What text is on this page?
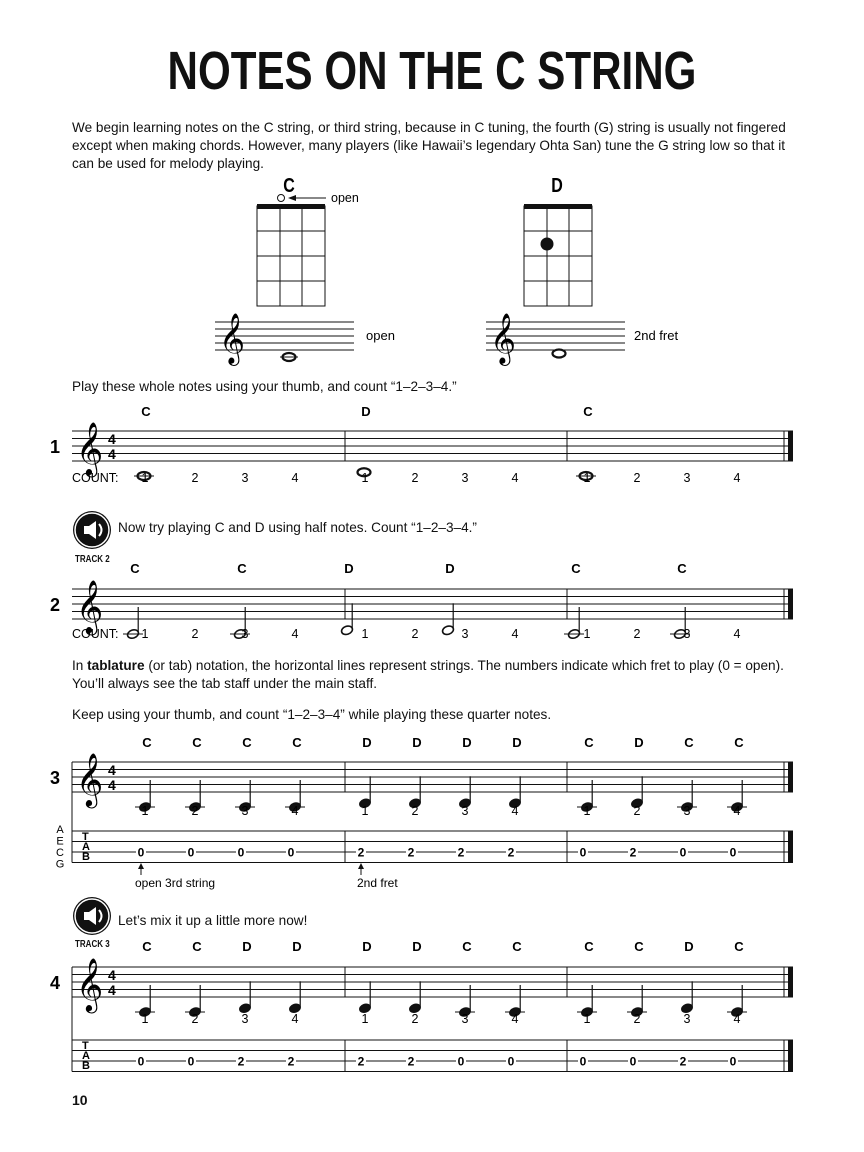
NOTES ON THE C STRING
We begin learning notes on the C string, or third string, because in C tuning, the fourth (G) string is usually not fingered except when making chords. However, many players (like Hawaii’s legendary Ohta San) tune the G string low so that it can be used for melody playing.
C
open
D
𝄞	𝄞
open	2nd fret
Play these whole notes using your thumb, and count “1–2–3–4.”
Now try playing C and D using half notes. Count “1–2–3–4.”
TRACK 2
In tablature (or tab) notation, the horizontal lines represent strings. The numbers indicate which fret to play (0 = open). You’ll always see the tab staff under the main staff.
Keep using your thumb, and count “1–2–3–4” while playing these quarter notes.
Let’s mix it up a little more now!
TRACK 3
10
𝄞
1	4
4
C	D	C
COUNT: 1	2	3	4	1	2	3	4	1	2	3	4
𝄞
2
C	C	D	D	C	C
COUNT: 1	2	3	4	1	2	3	4	1	2	3	4
𝄞
3	4
4
C	C	C	C	D	D	D	D	C	D	C	C
1	2	3	4	1	2	3	4	1	2	3	4
T
A
B	0	0	0	0	2	2	2	2	0	2	0	0
𝄞
4	4
4
C	C	D	D	D	D	C	C	C	C	D	C
1	2	3	4	1	2	3	4	1	2	3	4
T
A
B	0	0	2	2	2	2	0	0	0	0	2	0
A
E
C
G
open 3rd string	2nd fret
